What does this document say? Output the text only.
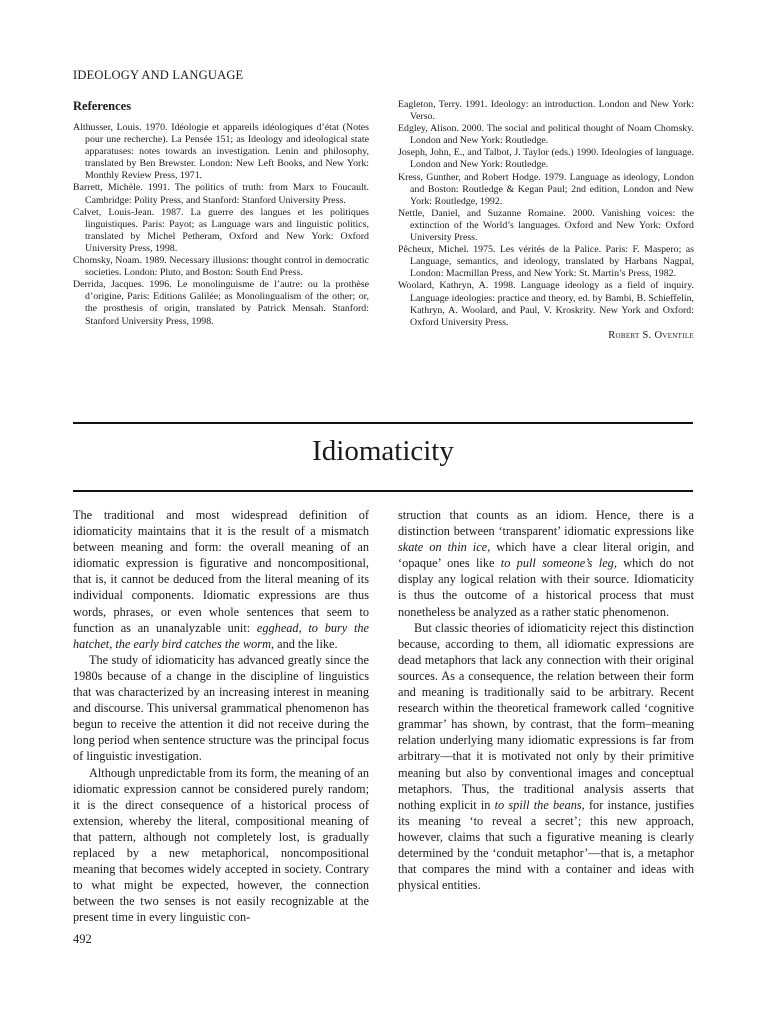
IDEOLOGY AND LANGUAGE
References

Althusser, Louis. 1970. Idéologie et appareils idéologiques d’état (Notes pour une recherche). La Pensée 151; as Ideology and ideological state apparatuses: notes towards an investigation. Lenin and philosophy, translated by Ben Brewster. London: New Left Books, and New York: Monthly Review Press, 1971.

Barrett, Michèle. 1991. The politics of truth: from Marx to Foucault. Cambridge: Polity Press, and Stanford: Stanford University Press.

Calvet, Louis-Jean. 1987. La guerre des langues et les politiques linguistiques. Paris: Payot; as Language wars and linguistic politics, translated by Michel Petheram, Oxford and New York: Oxford University Press, 1998.

Chomsky, Noam. 1989. Necessary illusions: thought control in democratic societies. London: Pluto, and Boston: South End Press.

Derrida, Jacques. 1996. Le monolinguisme de l’autre: ou la prothèse d’origine, Paris: Editions Galilée; as Monolingualism of the other; or, the prosthesis of origin, translated by Patrick Mensah. Stanford: Stanford University Press, 1998.

Eagleton, Terry. 1991. Ideology: an introduction. London and New York: Verso.

Edgley, Alison. 2000. The social and political thought of Noam Chomsky. London and New York: Routledge.

Joseph, John, E., and Talbot, J. Taylor (eds.) 1990. Ideologies of language. London and New York: Routledge.

Kress, Gunther, and Robert Hodge. 1979. Language as ideology, London and Boston: Routledge & Kegan Paul; 2nd edition, London and New York: Routledge, 1992.

Nettle, Daniel, and Suzanne Romaine. 2000. Vanishing voices: the extinction of the World’s languages. Oxford and New York: Oxford University Press.

Pêcheux, Michel. 1975. Les vérités de la Palice. Paris: F. Maspero; as Language, semantics, and ideology, translated by Harbans Nagpal, London: Macmillan Press, and New York: St. Martin’s Press, 1982.

Woolard, Kathryn, A. 1998. Language ideology as a field of inquiry. Language ideologies: practice and theory, ed. by Bambi, B. Schieffelin, Kathryn, A. Woolard, and Paul, V. Kroskrity. New York and Oxford: Oxford University Press.

Robert S. Oventile
Idiomaticity

The traditional and most widespread definition of idiomaticity maintains that it is the result of a mismatch between meaning and form: the overall meaning of an idiomatic expression is figurative and noncompositional, that is, it cannot be deduced from the literal meaning of its individual components. Idiomatic expressions are thus words, phrases, or even whole sentences that seem to function as an unanalyzable unit: egghead, to bury the hatchet, the early bird catches the worm, and the like.

The study of idiomaticity has advanced greatly since the 1980s because of a change in the discipline of linguistics that was characterized by an increasing interest in meaning and discourse. This universal grammatical phenomenon has begun to receive the attention it did not receive during the long period when sentence structure was the principal focus of linguistic investigation.

Although unpredictable from its form, the meaning of an idiomatic expression cannot be considered purely random; it is the direct consequence of a historical process of extension, whereby the literal, compositional meaning of that pattern, although not completely lost, is gradually replaced by a new metaphorical, noncompositional meaning that becomes widely accepted in society. Contrary to what might be expected, however, the connection between the two senses is not easily recognizable at the present time in every linguistic con-

struction that counts as an idiom. Hence, there is a distinction between ‘transparent’ idiomatic expressions like skate on thin ice, which have a clear literal origin, and ‘opaque’ ones like to pull someone’s leg, which do not display any logical relation with their source. Idiomaticity is thus the outcome of a historical process that must nonetheless be analyzed as a rather static phenomenon.

But classic theories of idiomaticity reject this distinction because, according to them, all idiomatic expressions are dead metaphors that lack any connection with their original sources. As a consequence, the relation between their form and meaning is traditionally said to be arbitrary. Recent research within the theoretical framework called ‘cognitive grammar’ has shown, by contrast, that the form–meaning relation underlying many idiomatic expressions is far from arbitrary—that it is motivated not only by their primitive meaning but also by conventional images and conceptual metaphors. Thus, the traditional analysis asserts that nothing explicit in to spill the beans, for instance, justifies its meaning ‘to reveal a secret’; this new approach, however, claims that such a figurative meaning is clearly determined by the ‘conduit metaphor’—that is, a metaphor that compares the mind with a container and ideas with physical entities.

492
